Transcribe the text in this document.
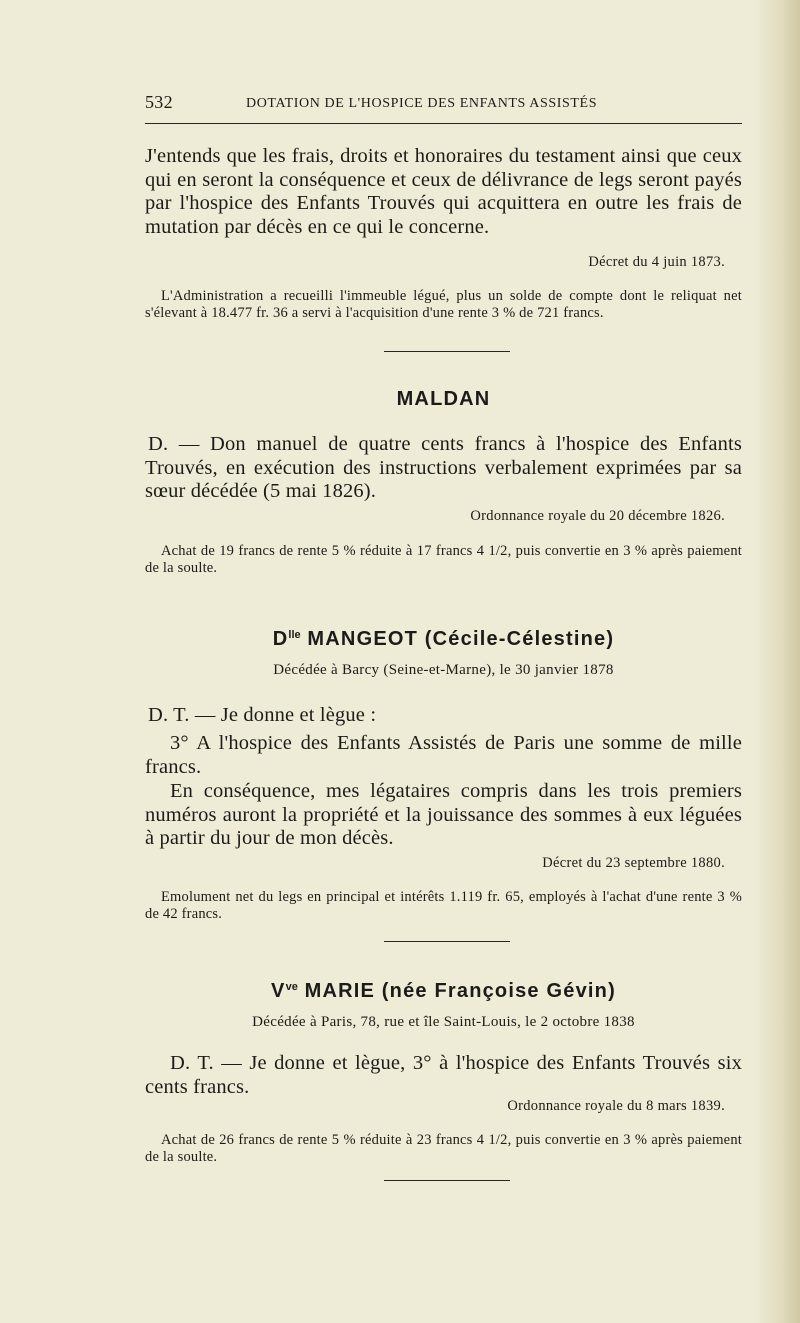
532	DOTATION DE L'HOSPICE DES ENFANTS ASSISTÉS

J'entends que les frais, droits et honoraires du testament ainsi que ceux qui en seront la conséquence et ceux de délivrance de legs seront payés par l'hospice des Enfants Trouvés qui acquittera en outre les frais de mutation par décès en ce qui le concerne.

Décret du 4 juin 1873.

L'Administration a recueilli l'immeuble légué, plus un solde de compte dont le reliquat net s'élevant à 18.477 fr. 36 a servi à l'acquisition d'une rente 3 % de 721 francs.

MALDAN

D. — Don manuel de quatre cents francs à l'hospice des Enfants Trouvés, en exécution des instructions verbalement exprimées par sa sœur décédée (5 mai 1826).

Ordonnance royale du 20 décembre 1826.

Achat de 19 francs de rente 5 % réduite à 17 francs 4 1/2, puis convertie en 3 % après paiement de la soulte.

$D^{lle}$ MANGEOT (Cécile-Célestine)

Décédée à Barcy (Seine-et-Marne), le 30 janvier 1878

D. T. — Je donne et lègue :

3° A l'hospice des Enfants Assistés de Paris une somme de mille francs.

En conséquence, mes légataires compris dans les trois premiers numéros auront la propriété et la jouissance des sommes à eux léguées à partir du jour de mon décès.

Décret du 23 septembre 1880.

Emolument net du legs en principal et intérêts 1.119 fr. 65, employés à l'achat d'une rente 3 % de 42 francs.

$V^{ve}$ MARIE (née Françoise Gévin)

Décédée à Paris, 78, rue et île Saint-Louis, le 2 octobre 1838

D. T. — Je donne et lègue, 3° à l'hospice des Enfants Trouvés six cents francs.

Ordonnance royale du 8 mars 1839.

Achat de 26 francs de rente 5 % réduite à 23 francs 4 1/2, puis convertie en 3 % après paiement de la soulte.
